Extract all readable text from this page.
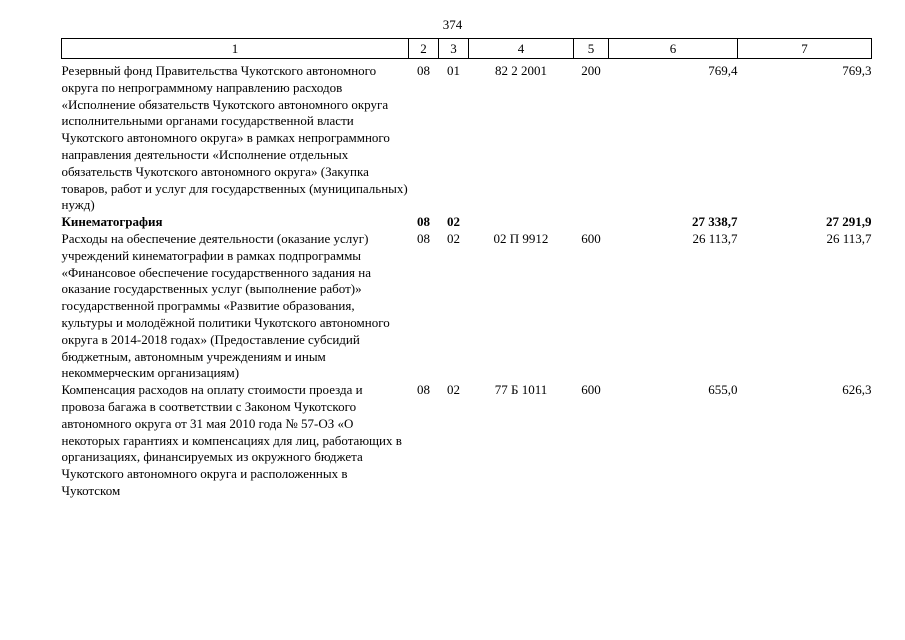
374
1	2	3	4	5	6	7
Резервный фонд Правительства Чукотского автономного округа по непрограммному направлению расходов «Исполнение обязательств Чукотского автономного округа исполнительными органами государственной власти Чукотского автономного округа» в рамках непрограммного направления деятельности «Исполнение отдельных обязательств Чукотского автономного округа» (Закупка товаров, работ и услуг для государственных (муниципальных) нужд)	08	01	82 2 2001	200	769,4	769,3
Кинематография	08	02			27 338,7	27 291,9
Расходы на обеспечение деятельности (оказание услуг) учреждений кинематографии в рамках подпрограммы «Финансовое обеспечение государственного задания на оказание государственных услуг (выполнение работ)» государственной программы «Развитие образования, культуры и молодёжной политики Чукотского автономного округа в 2014-2018 годах» (Предоставление субсидий бюджетным, автономным учреждениям и иным некоммерческим организациям)	08	02	02 П 9912	600	26 113,7	26 113,7
Компенсация расходов на оплату стоимости проезда и провоза багажа в соответствии с Законом Чукотского автономного округа от 31 мая 2010 года № 57-ОЗ «О некоторых гарантиях и компенсациях для лиц, работающих в организациях, финансируемых из окружного бюджета Чукотского автономного округа и расположенных в Чукотском	08	02	77 Б 1011	600	655,0	626,3
